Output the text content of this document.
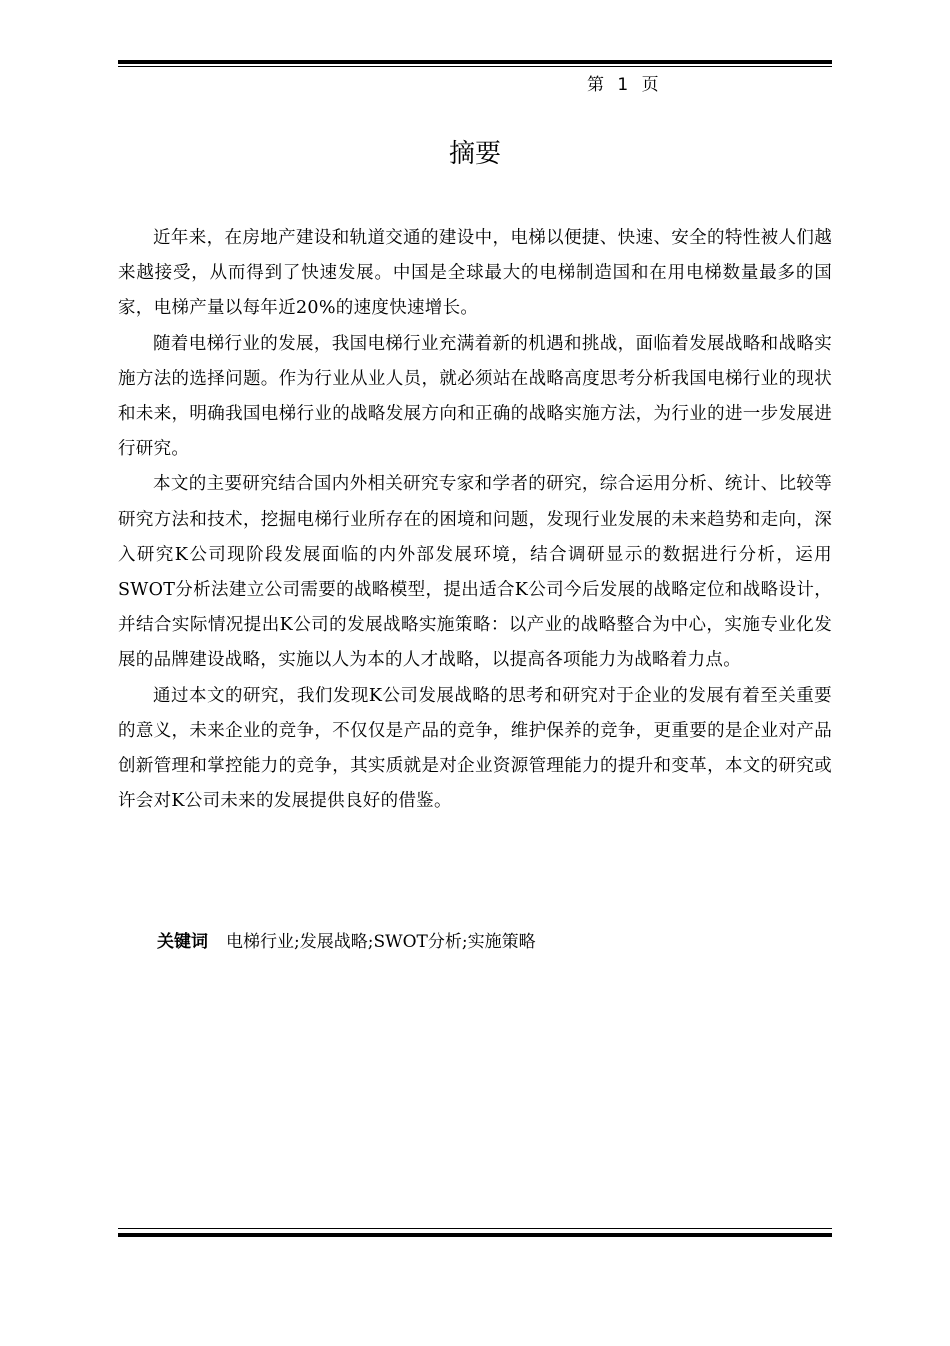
第 1 页
摘要

近年来，在房地产建设和轨道交通的建设中，电梯以便捷、快速、安全的特性被人们越来越接受，从而得到了快速发展。中国是全球最大的电梯制造国和在用电梯数量最多的国家，电梯产量以每年近20%的速度快速增长。

随着电梯行业的发展，我国电梯行业充满着新的机遇和挑战，面临着发展战略和战略实施方法的选择问题。作为行业从业人员，就必须站在战略高度思考分析我国电梯行业的现状和未来，明确我国电梯行业的战略发展方向和正确的战略实施方法，为行业的进一步发展进行研究。

本文的主要研究结合国内外相关研究专家和学者的研究，综合运用分析、统计、比较等研究方法和技术，挖掘电梯行业所存在的困境和问题，发现行业发展的未来趋势和走向，深入研究K公司现阶段发展面临的内外部发展环境，结合调研显示的数据进行分析，运用SWOT分析法建立公司需要的战略模型，提出适合K公司今后发展的战略定位和战略设计，并结合实际情况提出K公司的发展战略实施策略：以产业的战略整合为中心，实施专业化发展的品牌建设战略，实施以人为本的人才战略，以提高各项能力为战略着力点。

通过本文的研究，我们发现K公司发展战略的思考和研究对于企业的发展有着至关重要的意义，未来企业的竞争，不仅仅是产品的竞争，维护保养的竞争，更重要的是企业对产品创新管理和掌控能力的竞争，其实质就是对企业资源管理能力的提升和变革，本文的研究或许会对K公司未来的发展提供良好的借鉴。

关键词 电梯行业;发展战略;SWOT分析;实施策略
